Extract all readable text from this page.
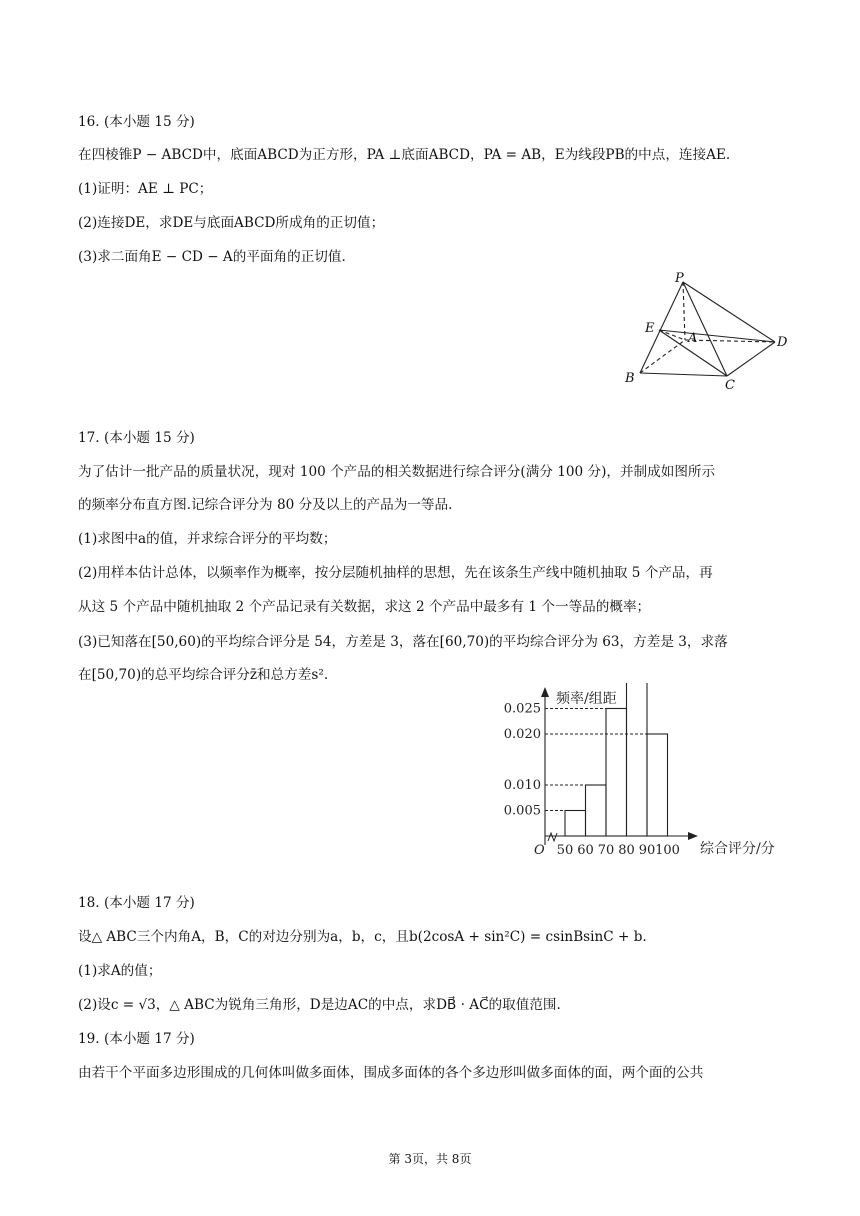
16. (本小题 15 分)
在四棱锥P − ABCD中，底面ABCD为正方形，PA ⊥底面ABCD，PA = AB，E为线段PB的中点，连接AE.
(1)证明：AE ⊥ PC；
(2)连接DE，求DE与底面ABCD所成角的正切值；
(3)求二面角E − CD − A的平面角的正切值.
P
E
A	D
B	C
17. (本小题 15 分)
为了估计一批产品的质量状况，现对 100 个产品的相关数据进行综合评分(满分 100 分)，并制成如图所示
的频率分布直方图.记综合评分为 80 分及以上的产品为一等品.
(1)求图中a的值，并求综合评分的平均数；
(2)用样本估计总体，以频率作为概率，按分层随机抽样的思想，先在该条生产线中随机抽取 5 个产品，再
从这 5 个产品中随机抽取 2 个产品记录有关数据，求这 2 个产品中最多有 1 个一等品的概率；
(3)已知落在[50,60)的平均综合评分是 54，方差是 3，落在[60,70)的平均综合评分为 63，方差是 3，求落
在[50,70)的总平均综合评分z̄和总方差s².
0.025
0.020
0.010
0.005
50 60 70 80 90 100
频率/组距
综合评分/分
O
18. (本小题 17 分)
设△ ABC三个内角A，B，C的对边分别为a，b，c，且b(2cosA + sin²C) = csinBsinC + b.
(1)求A的值；
(2)设c = √3，△ ABC为锐角三角形，D是边AC的中点，求DB⃗ · AC⃗的取值范围.
19. (本小题 17 分)
由若干个平面多边形围成的几何体叫做多面体，围成多面体的各个多边形叫做多面体的面，两个面的公共
第 3页，共 8页
